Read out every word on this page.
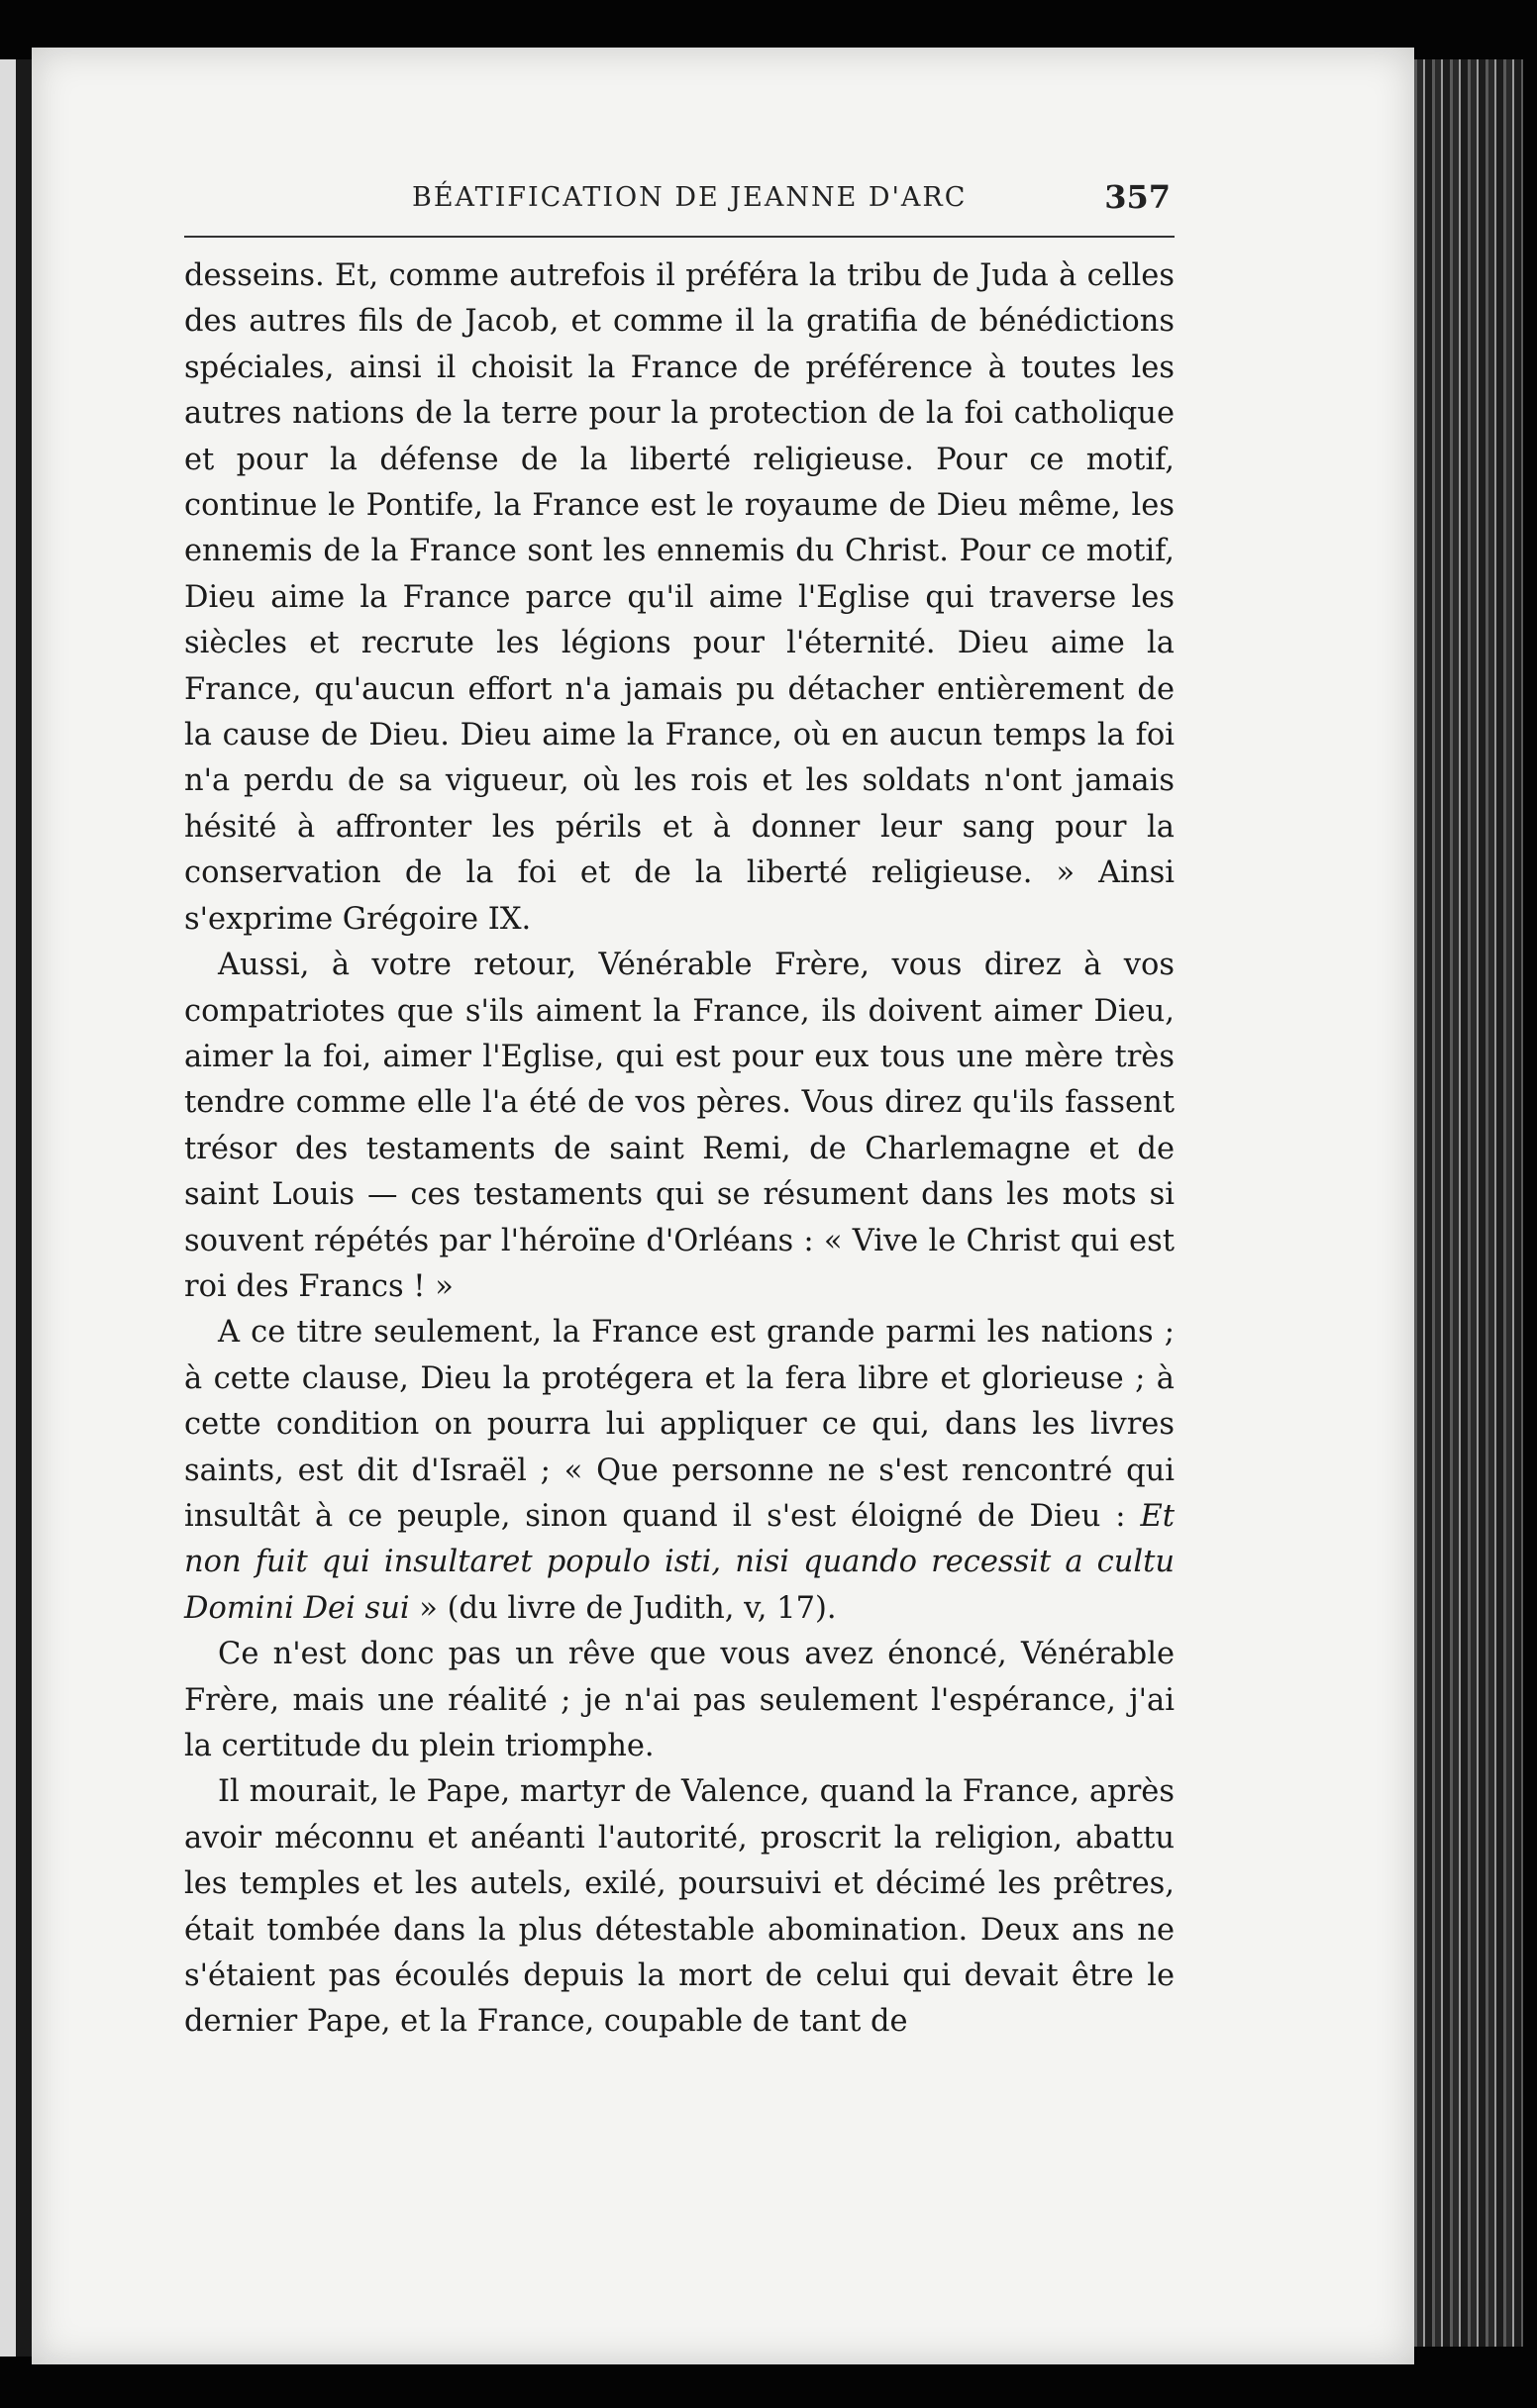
BÉATIFICATION DE JEANNE D'ARC	357

desseins. Et, comme autrefois il préféra la tribu de Juda à celles des autres fils de Jacob, et comme il la gratifia de bénédictions spéciales, ainsi il choisit la France de préférence à toutes les autres nations de la terre pour la protection de la foi catholique et pour la défense de la liberté religieuse. Pour ce motif, continue le Pontife, la France est le royaume de Dieu même, les ennemis de la France sont les ennemis du Christ. Pour ce motif, Dieu aime la France parce qu'il aime l'Eglise qui traverse les siècles et recrute les légions pour l'éternité. Dieu aime la France, qu'aucun effort n'a jamais pu détacher entièrement de la cause de Dieu. Dieu aime la France, où en aucun temps la foi n'a perdu de sa vigueur, où les rois et les soldats n'ont jamais hésité à affronter les périls et à donner leur sang pour la conservation de la foi et de la liberté religieuse. » Ainsi s'exprime Grégoire IX.

Aussi, à votre retour, Vénérable Frère, vous direz à vos compatriotes que s'ils aiment la France, ils doivent aimer Dieu, aimer la foi, aimer l'Eglise, qui est pour eux tous une mère très tendre comme elle l'a été de vos pères. Vous direz qu'ils fassent trésor des testaments de saint Remi, de Charlemagne et de saint Louis — ces testaments qui se résument dans les mots si souvent répétés par l'héroïne d'Orléans : « Vive le Christ qui est roi des Francs ! »

A ce titre seulement, la France est grande parmi les nations ; à cette clause, Dieu la protégera et la fera libre et glorieuse ; à cette condition on pourra lui appliquer ce qui, dans les livres saints, est dit d'Israël ; « Que personne ne s'est rencontré qui insultât à ce peuple, sinon quand il s'est éloigné de Dieu : Et non fuit qui insultaret populo isti, nisi quando recessit a cultu Domini Dei sui » (du livre de Judith, v, 17).

Ce n'est donc pas un rêve que vous avez énoncé, Vénérable Frère, mais une réalité ; je n'ai pas seulement l'espérance, j'ai la certitude du plein triomphe.

Il mourait, le Pape, martyr de Valence, quand la France, après avoir méconnu et anéanti l'autorité, proscrit la religion, abattu les temples et les autels, exilé, poursuivi et décimé les prêtres, était tombée dans la plus détestable abomination. Deux ans ne s'étaient pas écoulés depuis la mort de celui qui devait être le dernier Pape, et la France, coupable de tant de
